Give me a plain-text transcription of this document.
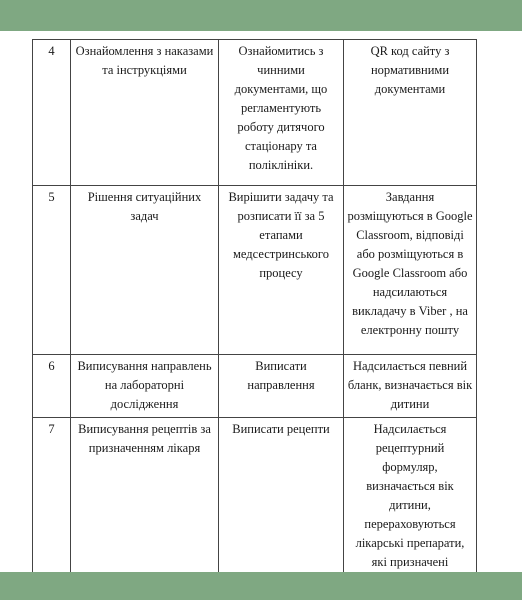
4	Ознайомлення з наказами та інструкціями	Ознайомитись з чинними документами, що регламентують роботу дитячого стаціонару та поліклініки.	QR код сайту з нормативними документами
5	Рішення ситуаційних задач	Вирішити задачу та розписати її за 5 етапами медсестринського процесу	Завдання розміщуються в Google Classroom, відповіді або розміщуються в Google Classroom або надсилаються викладачу в Viber , на електронну пошту
6	Виписування направлень на лабораторні дослідження	Виписати направлення	Надсилається певний бланк, визначається вік дитини
7	Виписування рецептів за призначенням лікаря	Виписати рецепти	Надсилається рецептурний формуляр, визначається вік дитини, перераховуються лікарські препарати, які призначені
